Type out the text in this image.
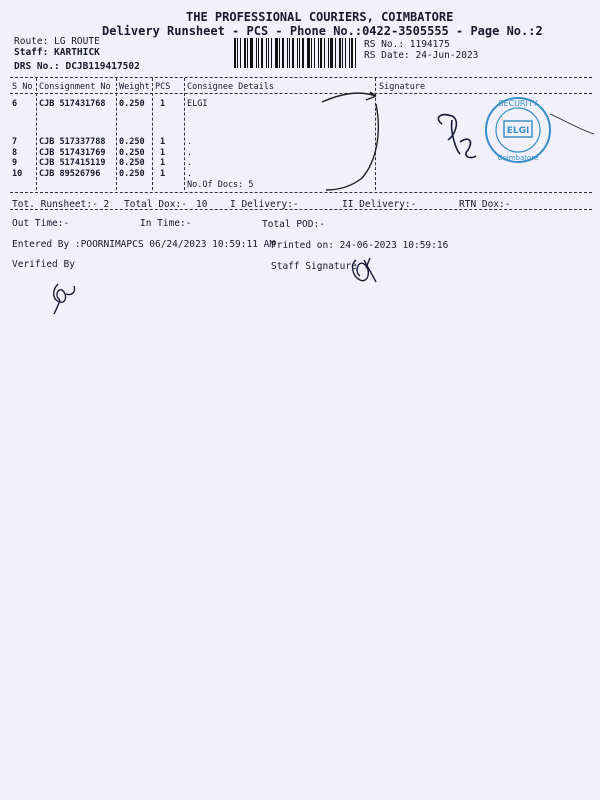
THE PROFESSIONAL COURIERS, COIMBATORE
Delivery Runsheet - PCS - Phone No.:0422-3505555 - Page No.:2
Route: LG ROUTE
Staff: KARTHICK
DRS No.: DCJB119417502
RS No.: 1194175
RS Date: 24-Jun-2023
S No Consignment No Weight PCS Consignee Details	Signature
6	CJB 517431768 0.250 1	ELGI
7	CJB 517337788 0.250 1	.
8	CJB 517431769 0.250 1	.
9	CJB 517415119 0.250 1	.
10 CJB 89526796 0.250 1	.
No.Of Docs: 5
ELGI
SECURITY
Coimbatore
Tot. Runsheet:- 2 Total Dox:- 10 I Delivery:-	II Delivery:-	RTN Dox:-
Out Time:-	In Time:-	Total POD:-
Entered By :POORNIMAPCS 06/24/2023 10:59:11 AM
Printed on: 24-06-2023 10:59:16
Verified By	Staff Signature
